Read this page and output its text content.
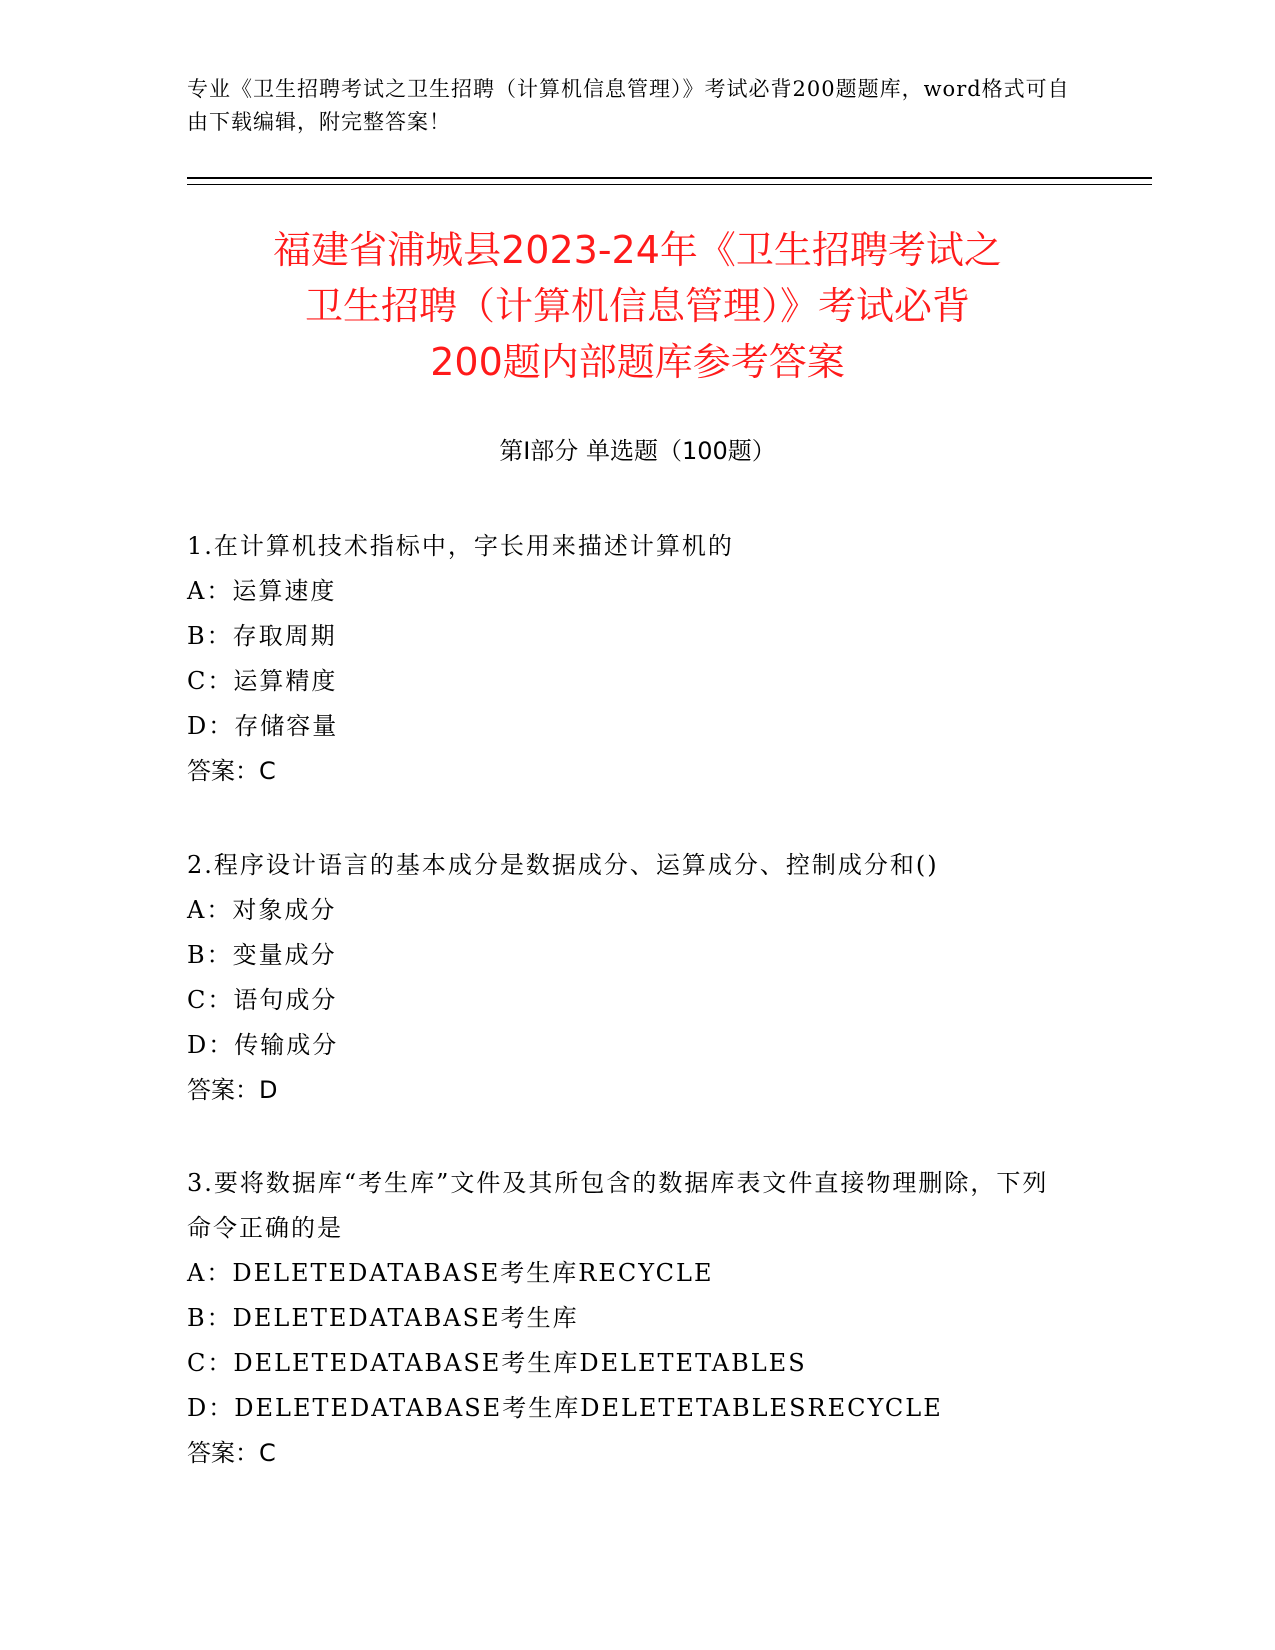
专业《卫生招聘考试之卫生招聘（计算机信息管理）》考试必背200题题库，word格式可自由下载编辑，附完整答案！
福建省浦城县2023-24年《卫生招聘考试之
卫生招聘（计算机信息管理）》考试必背
200题内部题库参考答案
第Ⅰ部分 单选题（100题）

1.在计算机技术指标中，字长用来描述计算机的

A：运算速度

B：存取周期

C：运算精度

D：存储容量

答案：C

2.程序设计语言的基本成分是数据成分、运算成分、控制成分和()

A：对象成分

B：变量成分

C：语句成分

D：传输成分

答案：D

3.要将数据库“考生库”文件及其所包含的数据库表文件直接物理删除，下列命令正确的是

A：DELETEDATABASE考生库RECYCLE

B：DELETEDATABASE考生库

C：DELETEDATABASE考生库DELETETABLES

D：DELETEDATABASE考生库DELETETABLESRECYCLE

答案：C
